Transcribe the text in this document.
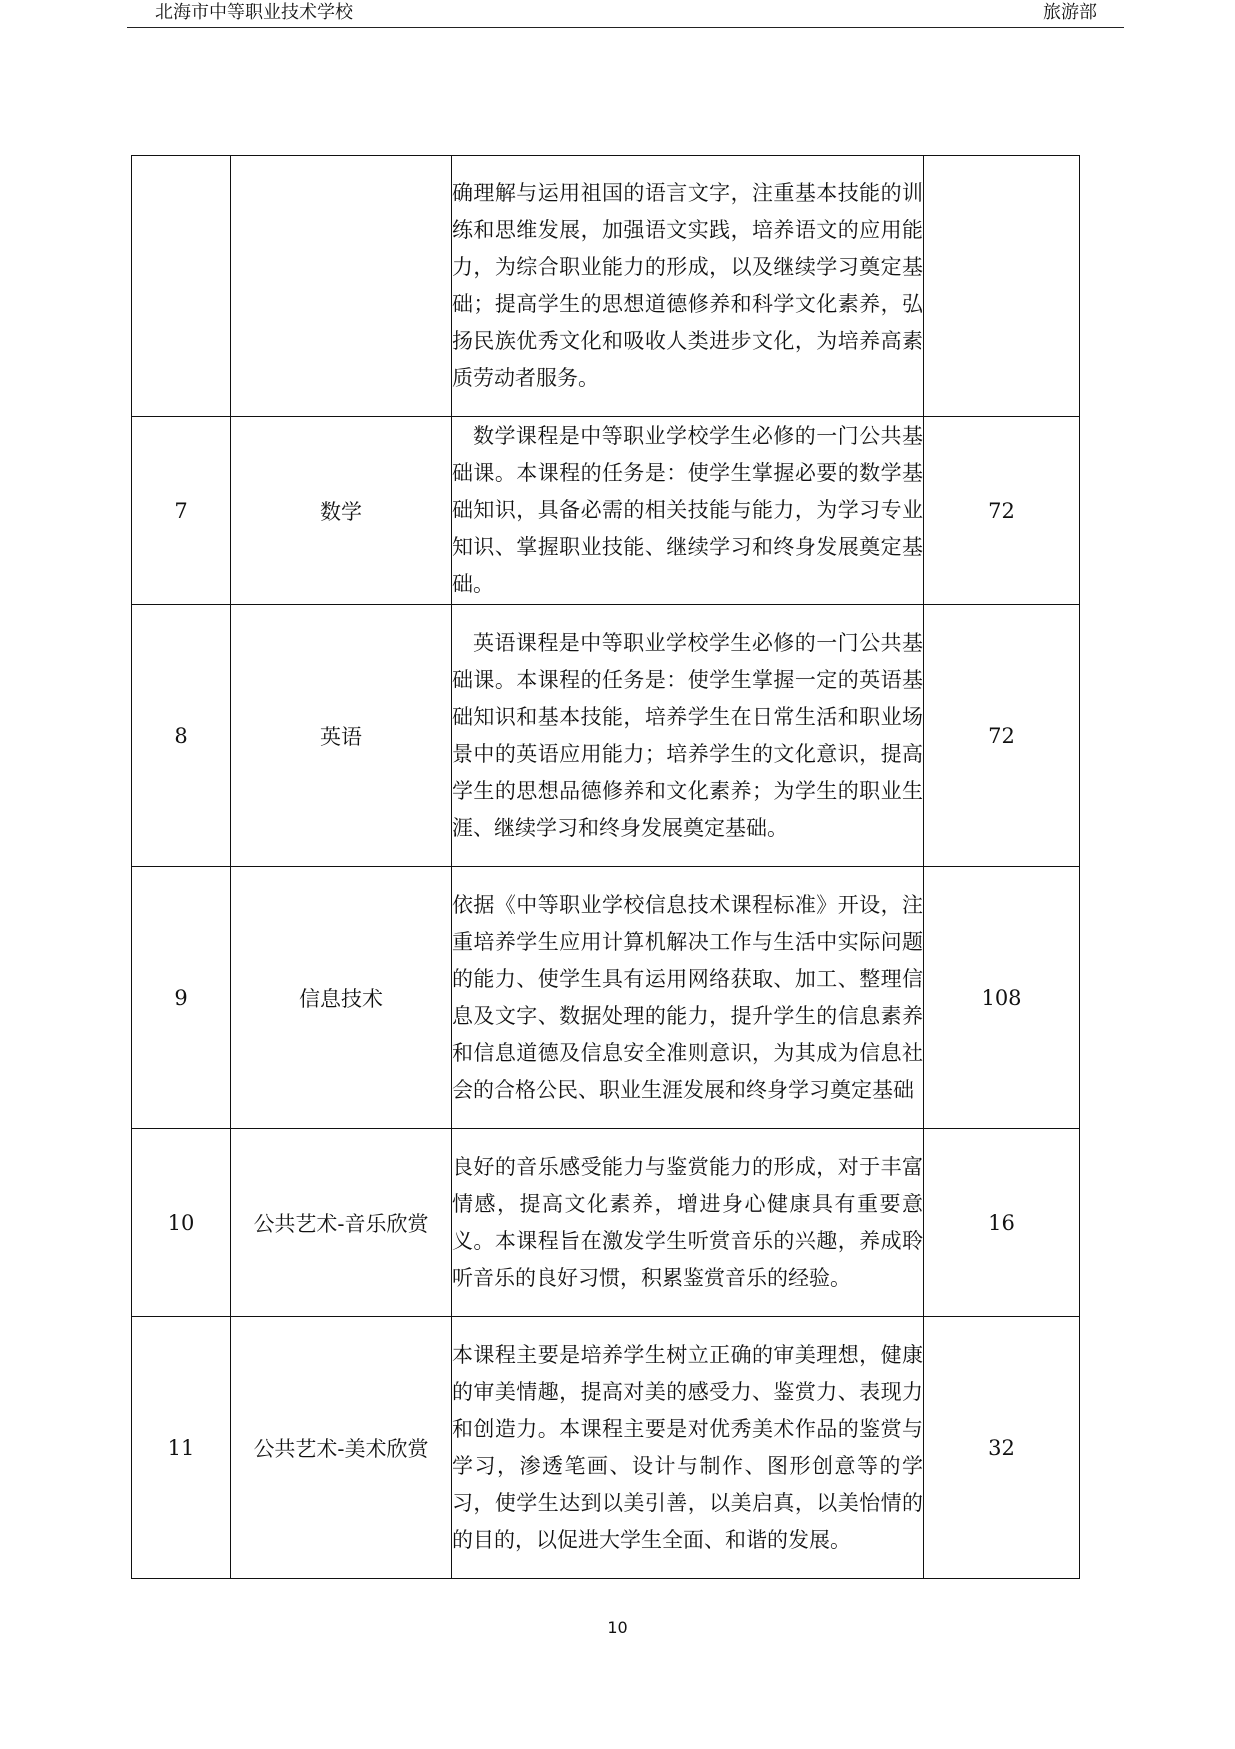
北海市中等职业技术学校	旅游部

		确理解与运用祖国的语言文字，注重基本技能的训练和思维发展，加强语文实践，培养语文的应用能力，为综合职业能力的形成，以及继续学习奠定基础；提高学生的思想道德修养和科学文化素养，弘扬民族优秀文化和吸收人类进步文化，为培养高素质劳动者服务。	

7	数学	数学课程是中等职业学校学生必修的一门公共基础课。本课程的任务是：使学生掌握必要的数学基础知识，具备必需的相关技能与能力，为学习专业知识、掌握职业技能、继续学习和终身发展奠定基础。	72
8	英语	英语课程是中等职业学校学生必修的一门公共基础课。本课程的任务是：使学生掌握一定的英语基础知识和基本技能，培养学生在日常生活和职业场景中的英语应用能力；培养学生的文化意识，提高学生的思想品德修养和文化素养；为学生的职业生涯、继续学习和终身发展奠定基础。	72
9	信息技术	依据《中等职业学校信息技术课程标准》开设，注重培养学生应用计算机解决工作与生活中实际问题的能力、使学生具有运用网络获取、加工、整理信息及文字、数据处理的能力，提升学生的信息素养和信息道德及信息安全准则意识，为其成为信息社会的合格公民、职业生涯发展和终身学习奠定基础	108
10	公共艺术-音乐欣赏	良好的音乐感受能力与鉴赏能力的形成，对于丰富情感，提高文化素养，增进身心健康具有重要意义。本课程旨在激发学生听赏音乐的兴趣，养成聆听音乐的良好习惯，积累鉴赏音乐的经验。	16
11	公共艺术-美术欣赏	本课程主要是培养学生树立正确的审美理想，健康的审美情趣，提高对美的感受力、鉴赏力、表现力和创造力。本课程主要是对优秀美术作品的鉴赏与学习，渗透笔画、设计与制作、图形创意等的学习，使学生达到以美引善，以美启真，以美怡情的的目的，以促进大学生全面、和谐的发展。	32
10
